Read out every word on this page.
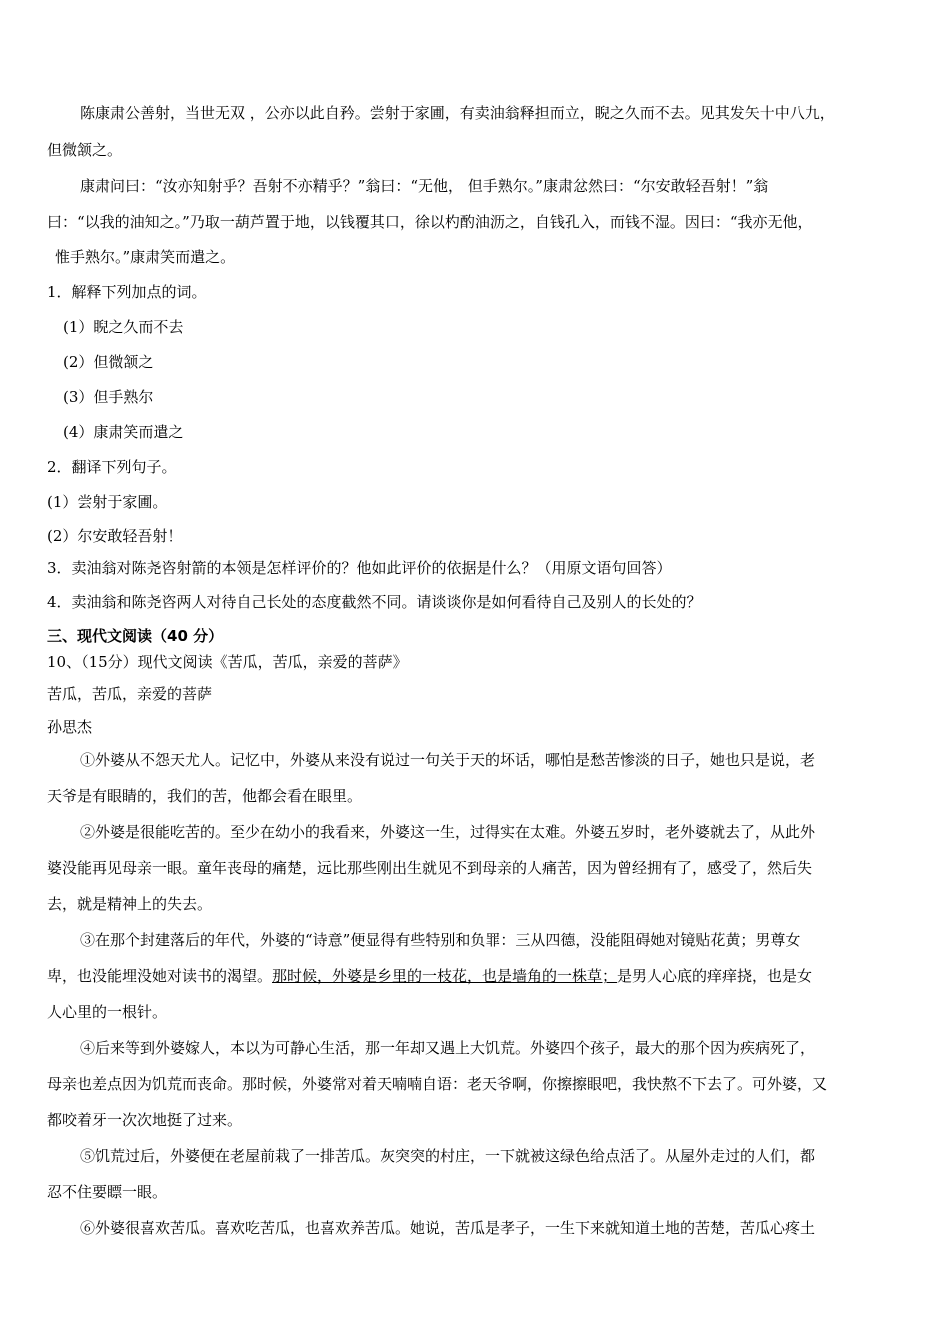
陈康肃公善射，当世无双 ，公亦以此自矜。尝射于家圃，有卖油翁释担而立，睨之久而不去。见其发矢十中八九，
但微颔之。
康肃问曰：“汝亦知射乎？吾射不亦精乎？”翁曰：“无他， 但手熟尔。”康肃忿然曰：“尔安敢轻吾射！”翁
曰：“以我的油知之。”乃取一葫芦置于地，以钱覆其口，徐以杓酌油沥之，自钱孔入，而钱不湿。因曰：“我亦无他，
惟手熟尔。”康肃笑而遣之。
1．解释下列加点的词。
(1）睨之久而不去
(2）但微颔之
(3）但手熟尔
(4）康肃笑而遣之
2．翻译下列句子。
(1）尝射于家圃。
(2）尔安敢轻吾射！
3．卖油翁对陈尧咨射箭的本领是怎样评价的？他如此评价的依据是什么？（用原文语句回答）
4．卖油翁和陈尧咨两人对待自己长处的态度截然不同。请谈谈你是如何看待自己及别人的长处的？
三、现代文阅读（40 分）
10、（15分）现代文阅读《苦瓜，苦瓜，亲爱的菩萨》
苦瓜，苦瓜，亲爱的菩萨
孙思杰
①外婆从不怨天尤人。记忆中，外婆从来没有说过一句关于天的坏话，哪怕是愁苦惨淡的日子，她也只是说，老
天爷是有眼睛的，我们的苦，他都会看在眼里。
②外婆是很能吃苦的。至少在幼小的我看来，外婆这一生，过得实在太难。外婆五岁时，老外婆就去了，从此外
婆没能再见母亲一眼。童年丧母的痛楚，远比那些刚出生就见不到母亲的人痛苦，因为曾经拥有了，感受了，然后失
去，就是精神上的失去。
③在那个封建落后的年代，外婆的“诗意”便显得有些特别和负罪：三从四德，没能阻碍她对镜贴花黄；男尊女
卑，也没能埋没她对读书的渴望。那时候，外婆是乡里的一枝花，也是墙角的一株草；是男人心底的痒痒挠，也是女
人心里的一根针。
④后来等到外婆嫁人，本以为可静心生活，那一年却又遇上大饥荒。外婆四个孩子，最大的那个因为疾病死了，
母亲也差点因为饥荒而丧命。那时候，外婆常对着天喃喃自语：老天爷啊，你擦擦眼吧，我快熬不下去了。可外婆，又
都咬着牙一次次地挺了过来。
⑤饥荒过后，外婆便在老屋前栽了一排苦瓜。灰突突的村庄，一下就被这绿色给点活了。从屋外走过的人们，都
忍不住要瞟一眼。
⑥外婆很喜欢苦瓜。喜欢吃苦瓜，也喜欢养苦瓜。她说，苦瓜是孝子，一生下来就知道土地的苦楚，苦瓜心疼土
